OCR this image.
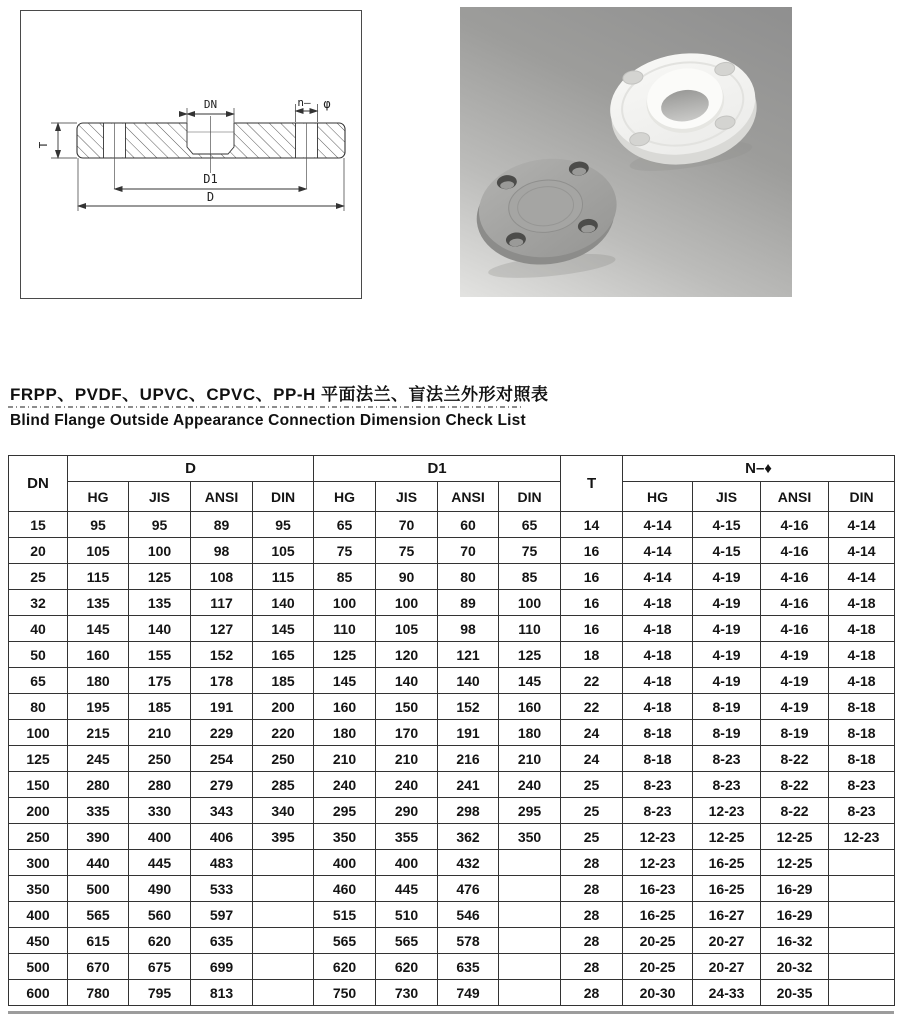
DN	n– φ
T
D1
D
FRPP、PVDF、UPVC、CPVC、PP-H 平面法兰、盲法兰外形对照表
Blind Flange Outside Appearance Connection Dimension Check List
DN	D				D1				T	N–♦			
	HG	JIS	ANSI	DIN	HG	JIS	ANSI	DIN		HG	JIS	ANSI	DIN
15	95	95	89	95	65	70	60	65	14	4-14	4-15	4-16	4-14
20	105	100	98	105	75	75	70	75	16	4-14	4-15	4-16	4-14
25	115	125	108	115	85	90	80	85	16	4-14	4-19	4-16	4-14
32	135	135	117	140	100	100	89	100	16	4-18	4-19	4-16	4-18
40	145	140	127	145	110	105	98	110	16	4-18	4-19	4-16	4-18
50	160	155	152	165	125	120	121	125	18	4-18	4-19	4-19	4-18
65	180	175	178	185	145	140	140	145	22	4-18	4-19	4-19	4-18
80	195	185	191	200	160	150	152	160	22	4-18	8-19	4-19	8-18
100	215	210	229	220	180	170	191	180	24	8-18	8-19	8-19	8-18
125	245	250	254	250	210	210	216	210	24	8-18	8-23	8-22	8-18
150	280	280	279	285	240	240	241	240	25	8-23	8-23	8-22	8-23
200	335	330	343	340	295	290	298	295	25	8-23	12-23	8-22	8-23
250	390	400	406	395	350	355	362	350	25	12-23	12-25	12-25	12-23
300	440	445	483		400	400	432		28	12-23	16-25	12-25	
350	500	490	533		460	445	476		28	16-23	16-25	16-29	
400	565	560	597		515	510	546		28	16-25	16-27	16-29	
450	615	620	635		565	565	578		28	20-25	20-27	16-32	
500	670	675	699		620	620	635		28	20-25	20-27	20-32	
600	780	795	813		750	730	749		28	20-30	24-33	20-35	
